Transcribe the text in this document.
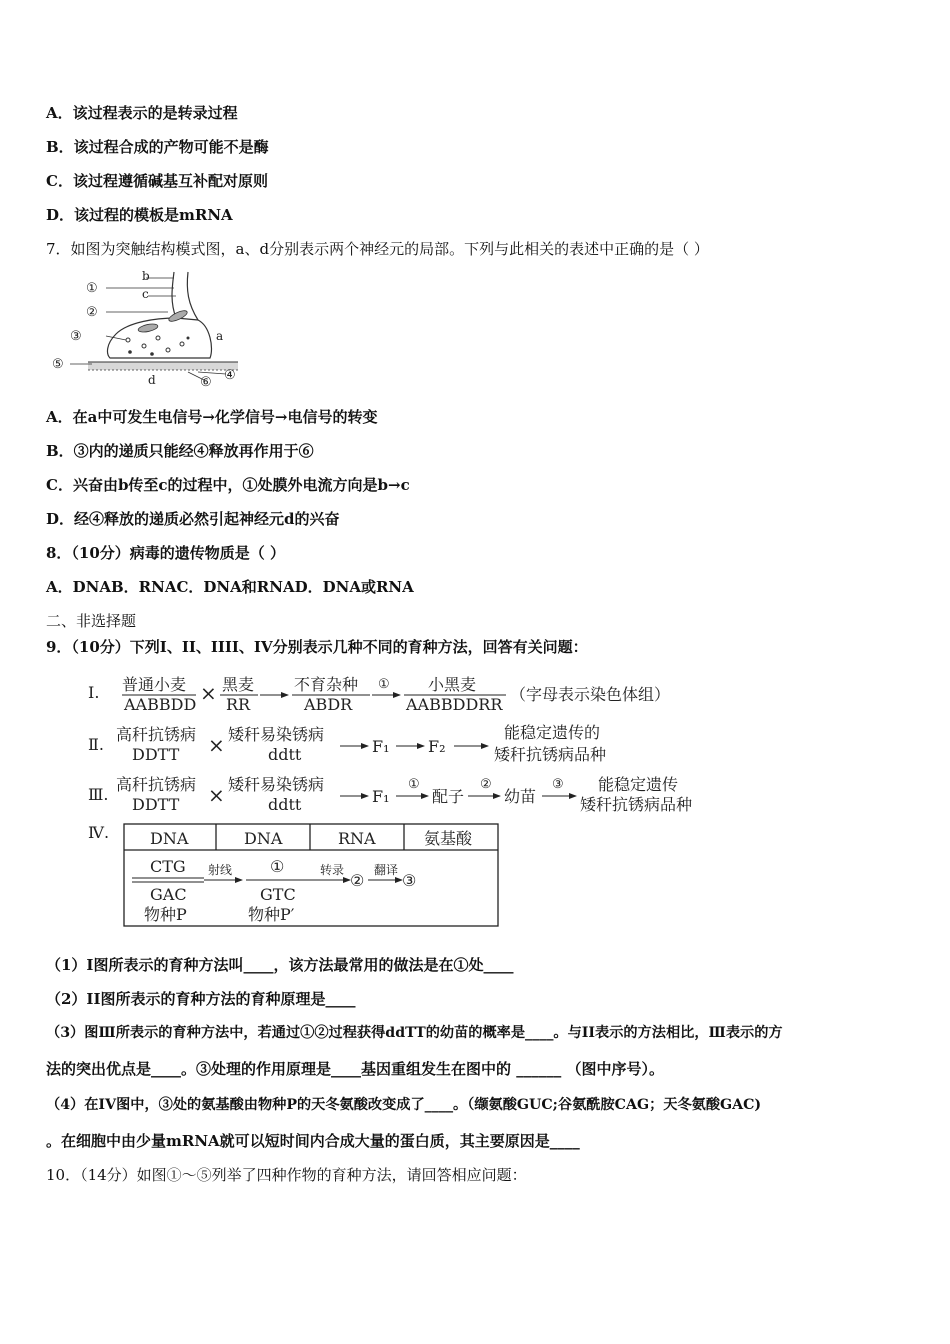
A．该过程表示的是转录过程
B．该过程合成的产物可能不是酶
C．该过程遵循碱基互补配对原则
D．该过程的模板是mRNA
7．如图为突触结构模式图，a、d分别表示两个神经元的局部。下列与此相关的表述中正确的是（ ）
b
c
①
②
③	a
⑤
d	⑥ ④
A．在a中可发生电信号→化学信号→电信号的转变
B．③内的递质只能经④释放再作用于⑥
C．兴奋由b传至c的过程中，①处膜外电流方向是b→c
D．经④释放的递质必然引起神经元d的兴奋
8．（10分）病毒的遗传物质是（ ）
A．DNAB．RNAC．DNA和RNAD．DNA或RNA
二、非选择题
9．（10分）下列I、II、IIII、IV分别表示几种不同的育种方法，回答有关问题：
Ⅰ. 普通小麦
AABBDD × 黑麦
RR
不育杂种
ABDR
① 小黑麦
AABBDDRR
（字母表示染色体组）
Ⅱ.
高秆抗锈病
DDTT × 矮秆易染锈病
ddtt	F₁ F₂
能稳定遗传的
矮秆抗锈病品种
Ⅲ.
高秆抗锈病
DDTT × 矮秆易染锈病
ddtt	F₁
①
配子
②
幼苗
③ 能稳定遗传
矮秆抗锈病品种
Ⅳ.	DNA	DNA	RNA	氨基酸
CTG
GAC
物种P
射线 ①
GTC
物种P′
转录
②
翻译
③
（1）I图所表示的育种方法叫____，该方法最常用的做法是在①处____
（2）II图所表示的育种方法的育种原理是____
（3）图Ⅲ所表示的育种方法中，若通过①②过程获得ddTT的幼苗的概率是____。与II表示的方法相比，Ⅲ表示的方
法的突出优点是____。③处理的作用原理是____基因重组发生在图中的 ______ （图中序号）。
（4）在IV图中，③处的氨基酸由物种P的天冬氨酸改变成了____。（缬氨酸GUC;谷氨酰胺CAG；天冬氨酸GAC)
。在细胞中由少量mRNA就可以短时间内合成大量的蛋白质，其主要原因是____
10．（14分）如图①～⑤列举了四种作物的育种方法，请回答相应问题：
